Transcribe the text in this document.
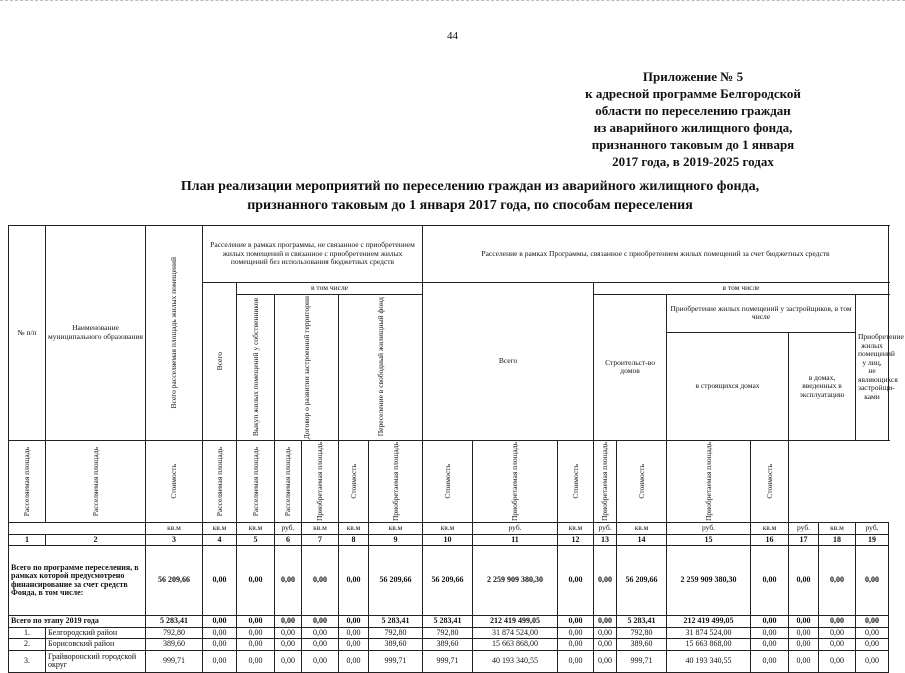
44
Приложение № 5
к адресной программе Белгородской
области по переселению граждан
из аварийного жилищного фонда,
признанного таковым до 1 января
2017 года, в 2019-2025 годах
План реализации мероприятий по переселению граждан из аварийного жилищного фонда,
признанного таковым до 1 января 2017 года, по способам переселения
№ п/п	Наименование муниципального образования	Всего расселяемая площадь жилых помещений	Расселение в рамках программы, не связанное с приобретением жилых помещений и связанное с приобретением жилых помещений без использования бюджетных средств						Расселение в рамках Программы, связанное с приобретением жилых помещений за счет бюджетных средств									

			Всего	в том числе					Всего			в том числе						

				Выкуп жилых помещений у собственников	Договор о развитии застроенной территории		Переселение в свободный жилищный фонд					Строительст-во домов		Приобретение жилых помещений у застройщиков, в том числе				Приобретение жилых помещений у лиц, не являющихся застройщи-ками
														в строящихся домах		в домах, введенных в эксплуатацию		

Расселяемая площадь	Расселяемая площадь	Стоимость	Расселяемая площадь	Расселяемая площадь	Расселяемая площадь	Приобретаемая площадь	Стоимость	Приобретаемая площадь	Стоимость	Приобретаемая площадь	Стоимость	Приобретаемая площадь	Стоимость	Приобретаемая площадь	Стоимость			

		кв.м	кв.м	кв.м	руб.	кв.м	кв.м	кв.м	кв.м	руб.	кв.м	руб.	кв.м	руб.	кв.м	руб.	кв.м	руб.
1	2	3	4	5	6	7	8	9	10	11	12	13	14	15	16	17	18	19
Всего по программе переселения, в рамках которой предусмотрено финансирование за счет средств Фонда, в том числе:		56 209,66	0,00	0,00	0,00	0,00	0,00	56 209,66	56 209,66	2 259 909 380,30	0,00	0,00	56 209,66	2 259 909 380,30	0,00	0,00	0,00	0,00
Всего по этапу 2019 года		5 283,41	0,00	0,00	0,00	0,00	0,00	5 283,41	5 283,41	212 419 499,05	0,00	0,00	5 283,41	212 419 499,05	0,00	0,00	0,00	0,00
1.	Белгородский район	792,80	0,00	0,00	0,00	0,00	0,00	792,80	792,80	31 874 524,00	0,00	0,00	792,80	31 874 524,00	0,00	0,00	0,00	0,00
2.	Борисовский район	389,60	0,00	0,00	0,00	0,00	0,00	389,60	389,60	15 663 868,00	0,00	0,00	389,60	15 663 868,00	0,00	0,00	0,00	0,00
3.	Грайворонский городской округ	999,71	0,00	0,00	0,00	0,00	0,00	999,71	999,71	40 193 340,55	0,00	0,00	999,71	40 193 340,55	0,00	0,00	0,00	0,00
